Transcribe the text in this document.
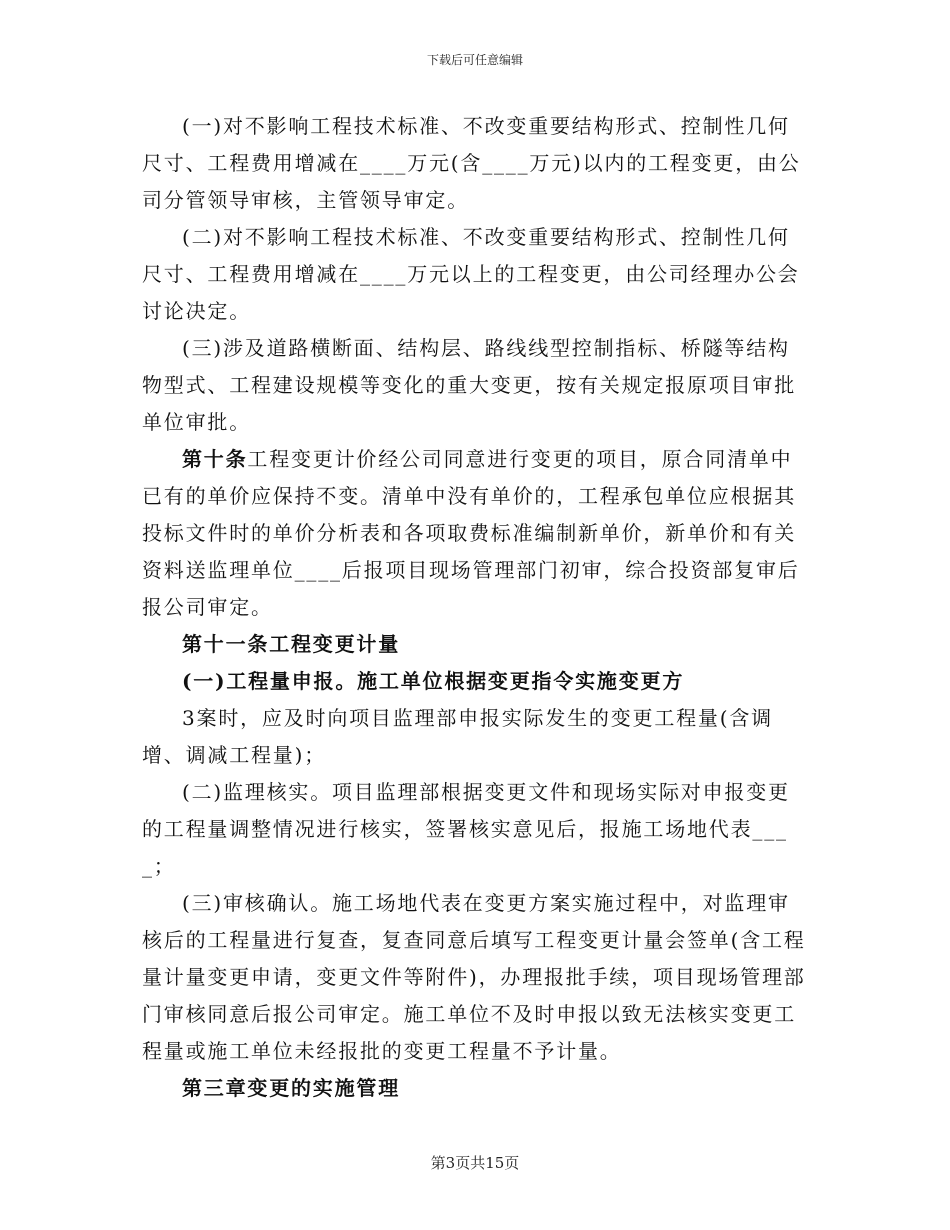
下载后可任意编辑

(一)对不影响工程技术标准、不改变重要结构形式、控制性几何尺寸、工程费用增减在____万元(含____万元)以内的工程变更，由公司分管领导审核，主管领导审定。

(二)对不影响工程技术标准、不改变重要结构形式、控制性几何尺寸、工程费用增减在____万元以上的工程变更，由公司经理办公会讨论决定。

(三)涉及道路横断面、结构层、路线线型控制指标、桥隧等结构物型式、工程建设规模等变化的重大变更，按有关规定报原项目审批单位审批。

第十条工程变更计价经公司同意进行变更的项目，原合同清单中已有的单价应保持不变。清单中没有单价的，工程承包单位应根据其投标文件时的单价分析表和各项取费标准编制新单价，新单价和有关资料送监理单位____后报项目现场管理部门初审，综合投资部复审后报公司审定。

第十一条工程变更计量

(一)工程量申报。施工单位根据变更指令实施变更方

3案时，应及时向项目监理部申报实际发生的变更工程量(含调增、调减工程量)；

(二)监理核实。项目监理部根据变更文件和现场实际对申报变更的工程量调整情况进行核实，签署核实意见后，报施工场地代表____；

(三)审核确认。施工场地代表在变更方案实施过程中，对监理审核后的工程量进行复查，复查同意后填写工程变更计量会签单(含工程量计量变更申请，变更文件等附件)，办理报批手续，项目现场管理部门审核同意后报公司审定。施工单位不及时申报以致无法核实变更工程量或施工单位未经报批的变更工程量不予计量。

第三章变更的实施管理

第3页共15页
